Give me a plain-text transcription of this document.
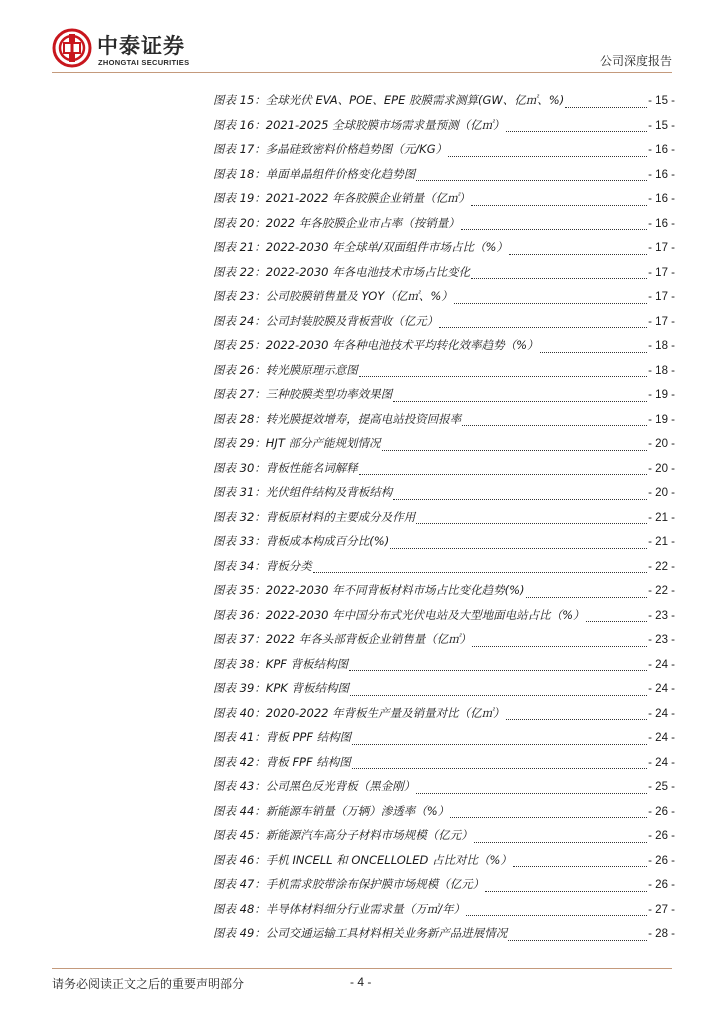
中泰证券
ZHONGTAI SECURITIES	公司深度报告
图表 15：全球光伏 EVA、POE、EPE 胶膜需求测算(GW、亿㎡、%)	- 15 -
图表 16：2021-2025 全球胶膜市场需求量预测（亿㎡）	- 15 -
图表 17：多晶硅致密料价格趋势图（元/KG）	- 16 -
图表 18：单面单晶组件价格变化趋势图	- 16 -
图表 19：2021-2022 年各胶膜企业销量（亿㎡）	- 16 -
图表 20：2022 年各胶膜企业市占率（按销量）	- 16 -
图表 21：2022-2030 年全球单/双面组件市场占比（%）	- 17 -
图表 22：2022-2030 年各电池技术市场占比变化	- 17 -
图表 23：公司胶膜销售量及 YOY（亿㎡、%）	- 17 -
图表 24：公司封装胶膜及背板营收（亿元）	- 17 -
图表 25：2022-2030 年各种电池技术平均转化效率趋势（%）	- 18 -
图表 26：转光膜原理示意图	- 18 -
图表 27：三种胶膜类型功率效果图	- 19 -
图表 28：转光膜提效增寿，提高电站投资回报率	- 19 -
图表 29：HJT 部分产能规划情况	- 20 -
图表 30：背板性能名词解释	- 20 -
图表 31：光伏组件结构及背板结构	- 20 -
图表 32：背板原材料的主要成分及作用	- 21 -
图表 33：背板成本构成百分比(%)	- 21 -
图表 34：背板分类	- 22 -
图表 35：2022-2030 年不同背板材料市场占比变化趋势(%)	- 22 -
图表 36：2022-2030 年中国分布式光伏电站及大型地面电站占比（%）	- 23 -
图表 37：2022 年各头部背板企业销售量（亿㎡）	- 23 -
图表 38：KPF 背板结构图	- 24 -
图表 39：KPK 背板结构图	- 24 -
图表 40：2020-2022 年背板生产量及销量对比（亿㎡）	- 24 -
图表 41：背板 PPF 结构图	- 24 -
图表 42：背板 FPF 结构图	- 24 -
图表 43：公司黑色反光背板（黑金刚）	- 25 -
图表 44：新能源车销量（万辆）渗透率（%）	- 26 -
图表 45：新能源汽车高分子材料市场规模（亿元）	- 26 -
图表 46：手机 INCELL 和 ONCELLOLED 占比对比（%）	- 26 -
图表 47：手机需求胶带涂布保护膜市场规模（亿元）	- 26 -
图表 48：半导体材料细分行业需求量（万㎡/年）	- 27 -
图表 49：公司交通运输工具材料相关业务新产品进展情况	- 28 -
请务必阅读正文之后的重要声明部分	- 4 -
